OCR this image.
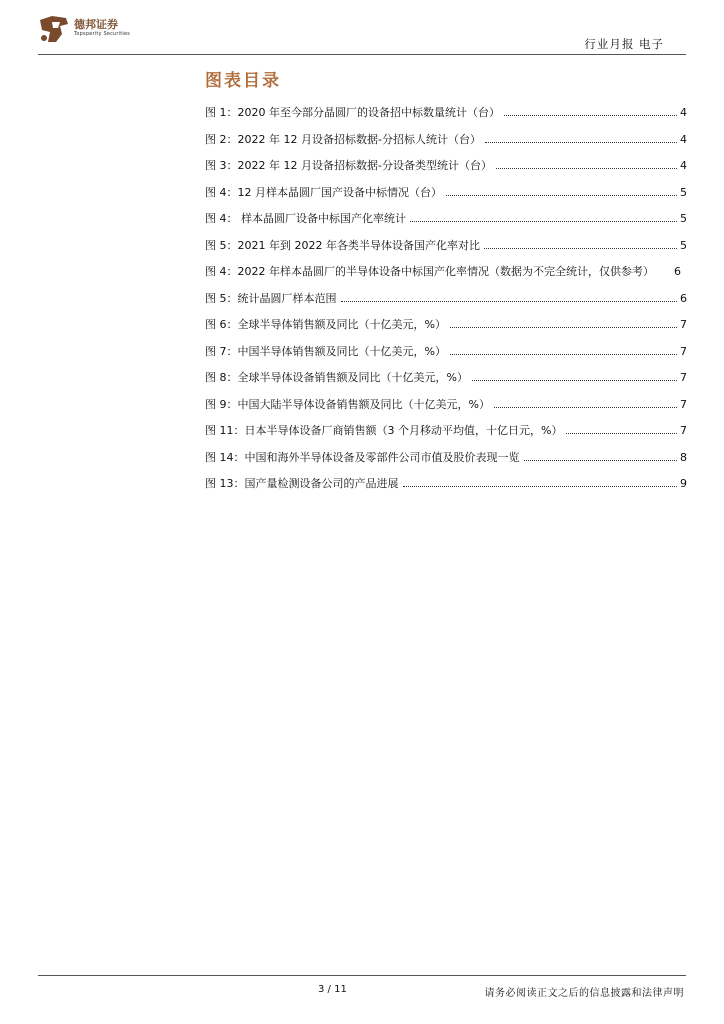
德邦证券
Topsperity Securities
行业月报 电子
图表目录
图 1：2020 年至今部分晶圆厂的设备招中标数量统计（台）	4
图 2：2022 年 12 月设备招标数据-分招标人统计（台）	4
图 3：2022 年 12 月设备招标数据-分设备类型统计（台）	4
图 4：12 月样本晶圆厂国产设备中标情况（台）	5
图 4： 样本晶圆厂设备中标国产化率统计	5
图 5：2021 年到 2022 年各类半导体设备国产化率对比	5
图 4：2022 年样本晶圆厂的半导体设备中标国产化率情况（数据为不完全统计，仅供参考） 6
图 5：统计晶圆厂样本范围	6
图 6：全球半导体销售额及同比（十亿美元，%）	7
图 7：中国半导体销售额及同比（十亿美元，%）	7
图 8：全球半导体设备销售额及同比（十亿美元，%）	7
图 9：中国大陆半导体设备销售额及同比（十亿美元，%）	7
图 11：日本半导体设备厂商销售额（3 个月移动平均值，十亿日元，%）	7
图 14：中国和海外半导体设备及零部件公司市值及股价表现一览	8
图 13：国产量检测设备公司的产品进展	9
3 / 11	请务必阅读正文之后的信息披露和法律声明
